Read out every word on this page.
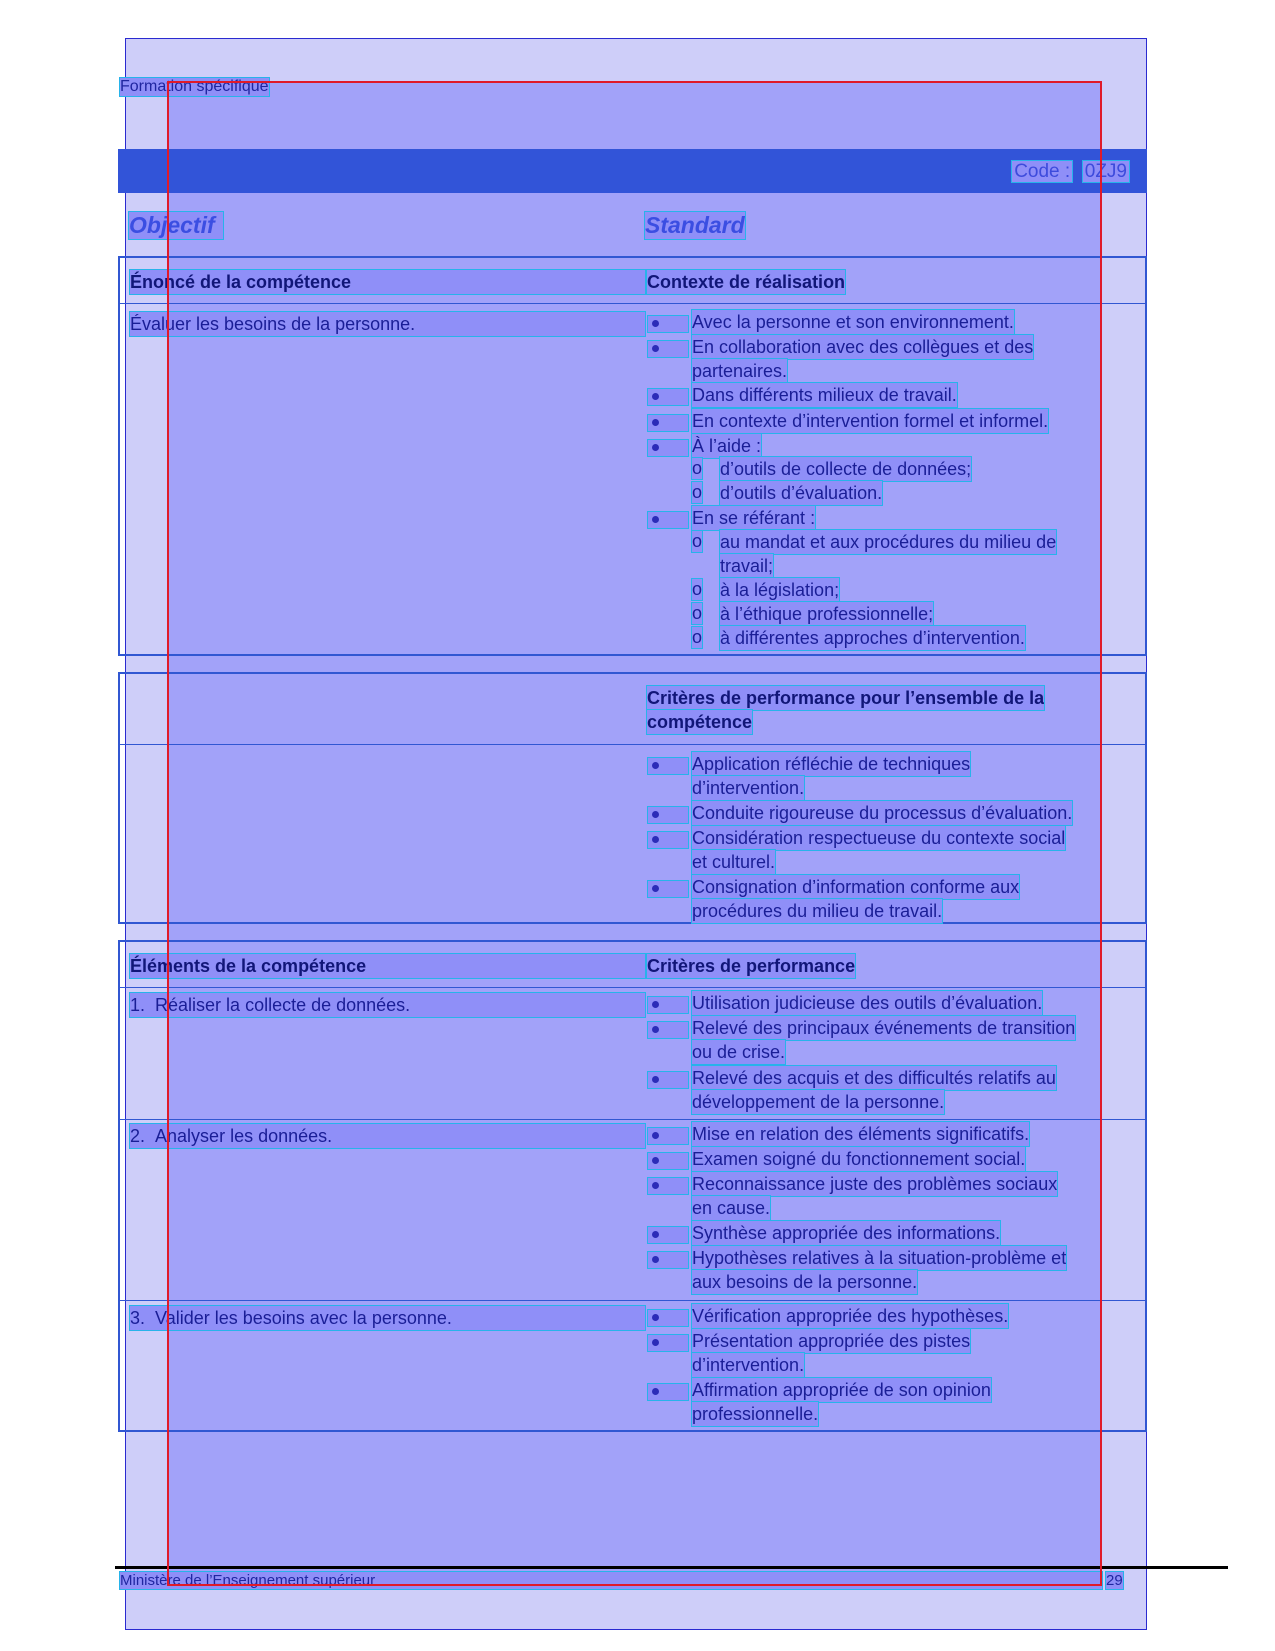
Formation spécifique
Code : 0ZJ9
Objectif	Standard
Énoncé de la compétence	Contexte de réalisation
Évaluer les besoins de la personne.	Avec la personne et son environnement.
En collaboration avec des collègues et des
partenaires.
Dans différents milieux de travail.
En contexte d’intervention formel et informel.
À l’aide :
o d’outils de collecte de données;
o d’outils d’évaluation.
En se référant :
o au mandat et aux procédures du milieu de
travail;
o à la législation;
o à l’éthique professionnelle;
o à différentes approches d’intervention.
Critères de performance pour l’ensemble de la
compétence
Application réfléchie de techniques
d’intervention.
Conduite rigoureuse du processus d’évaluation.
Considération respectueuse du contexte social
et culturel.
Consignation d’information conforme aux
procédures du milieu de travail.
Éléments de la compétence	Critères de performance
1. Réaliser la collecte de données.	Utilisation judicieuse des outils d’évaluation.
Relevé des principaux événements de transition
ou de crise.
Relevé des acquis et des difficultés relatifs au
développement de la personne.
2. Analyser les données.	Mise en relation des éléments significatifs.
Examen soigné du fonctionnement social.
Reconnaissance juste des problèmes sociaux
en cause.
Synthèse appropriée des informations.
Hypothèses relatives à la situation-problème et
aux besoins de la personne.
3. Valider les besoins avec la personne.	Vérification appropriée des hypothèses.
Présentation appropriée des pistes
d’intervention.
Affirmation appropriée de son opinion
professionnelle.
Ministère de l’Enseignement supérieur	29
